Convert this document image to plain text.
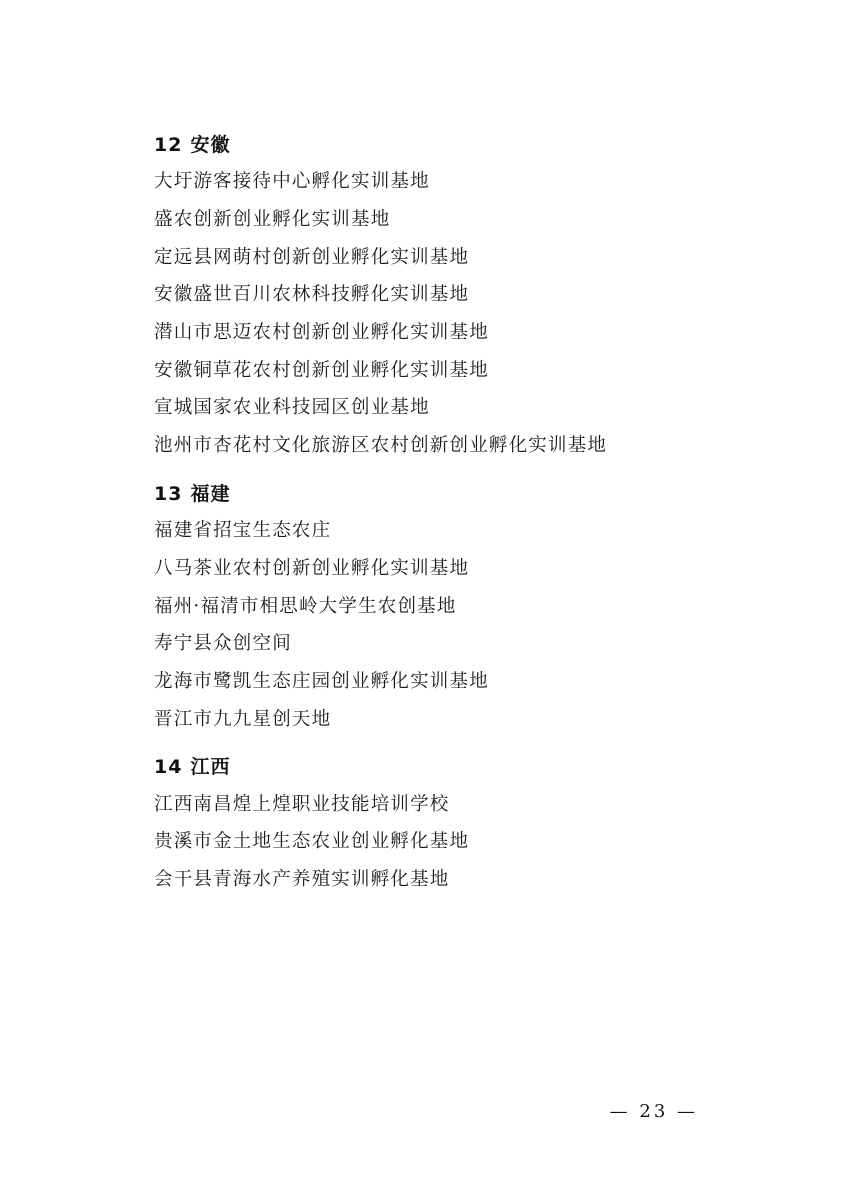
12 安徽

大圩游客接待中心孵化实训基地

盛农创新创业孵化实训基地

定远县网萌村创新创业孵化实训基地

安徽盛世百川农林科技孵化实训基地

潜山市思迈农村创新创业孵化实训基地

安徽铜草花农村创新创业孵化实训基地

宣城国家农业科技园区创业基地

池州市杏花村文化旅游区农村创新创业孵化实训基地

13 福建

福建省招宝生态农庄

八马茶业农村创新创业孵化实训基地

福州·福清市相思岭大学生农创基地

寿宁县众创空间

龙海市鹭凯生态庄园创业孵化实训基地

晋江市九九星创天地

14 江西

江西南昌煌上煌职业技能培训学校

贵溪市金土地生态农业创业孵化基地

会干县青海水产养殖实训孵化基地

— 23 —
